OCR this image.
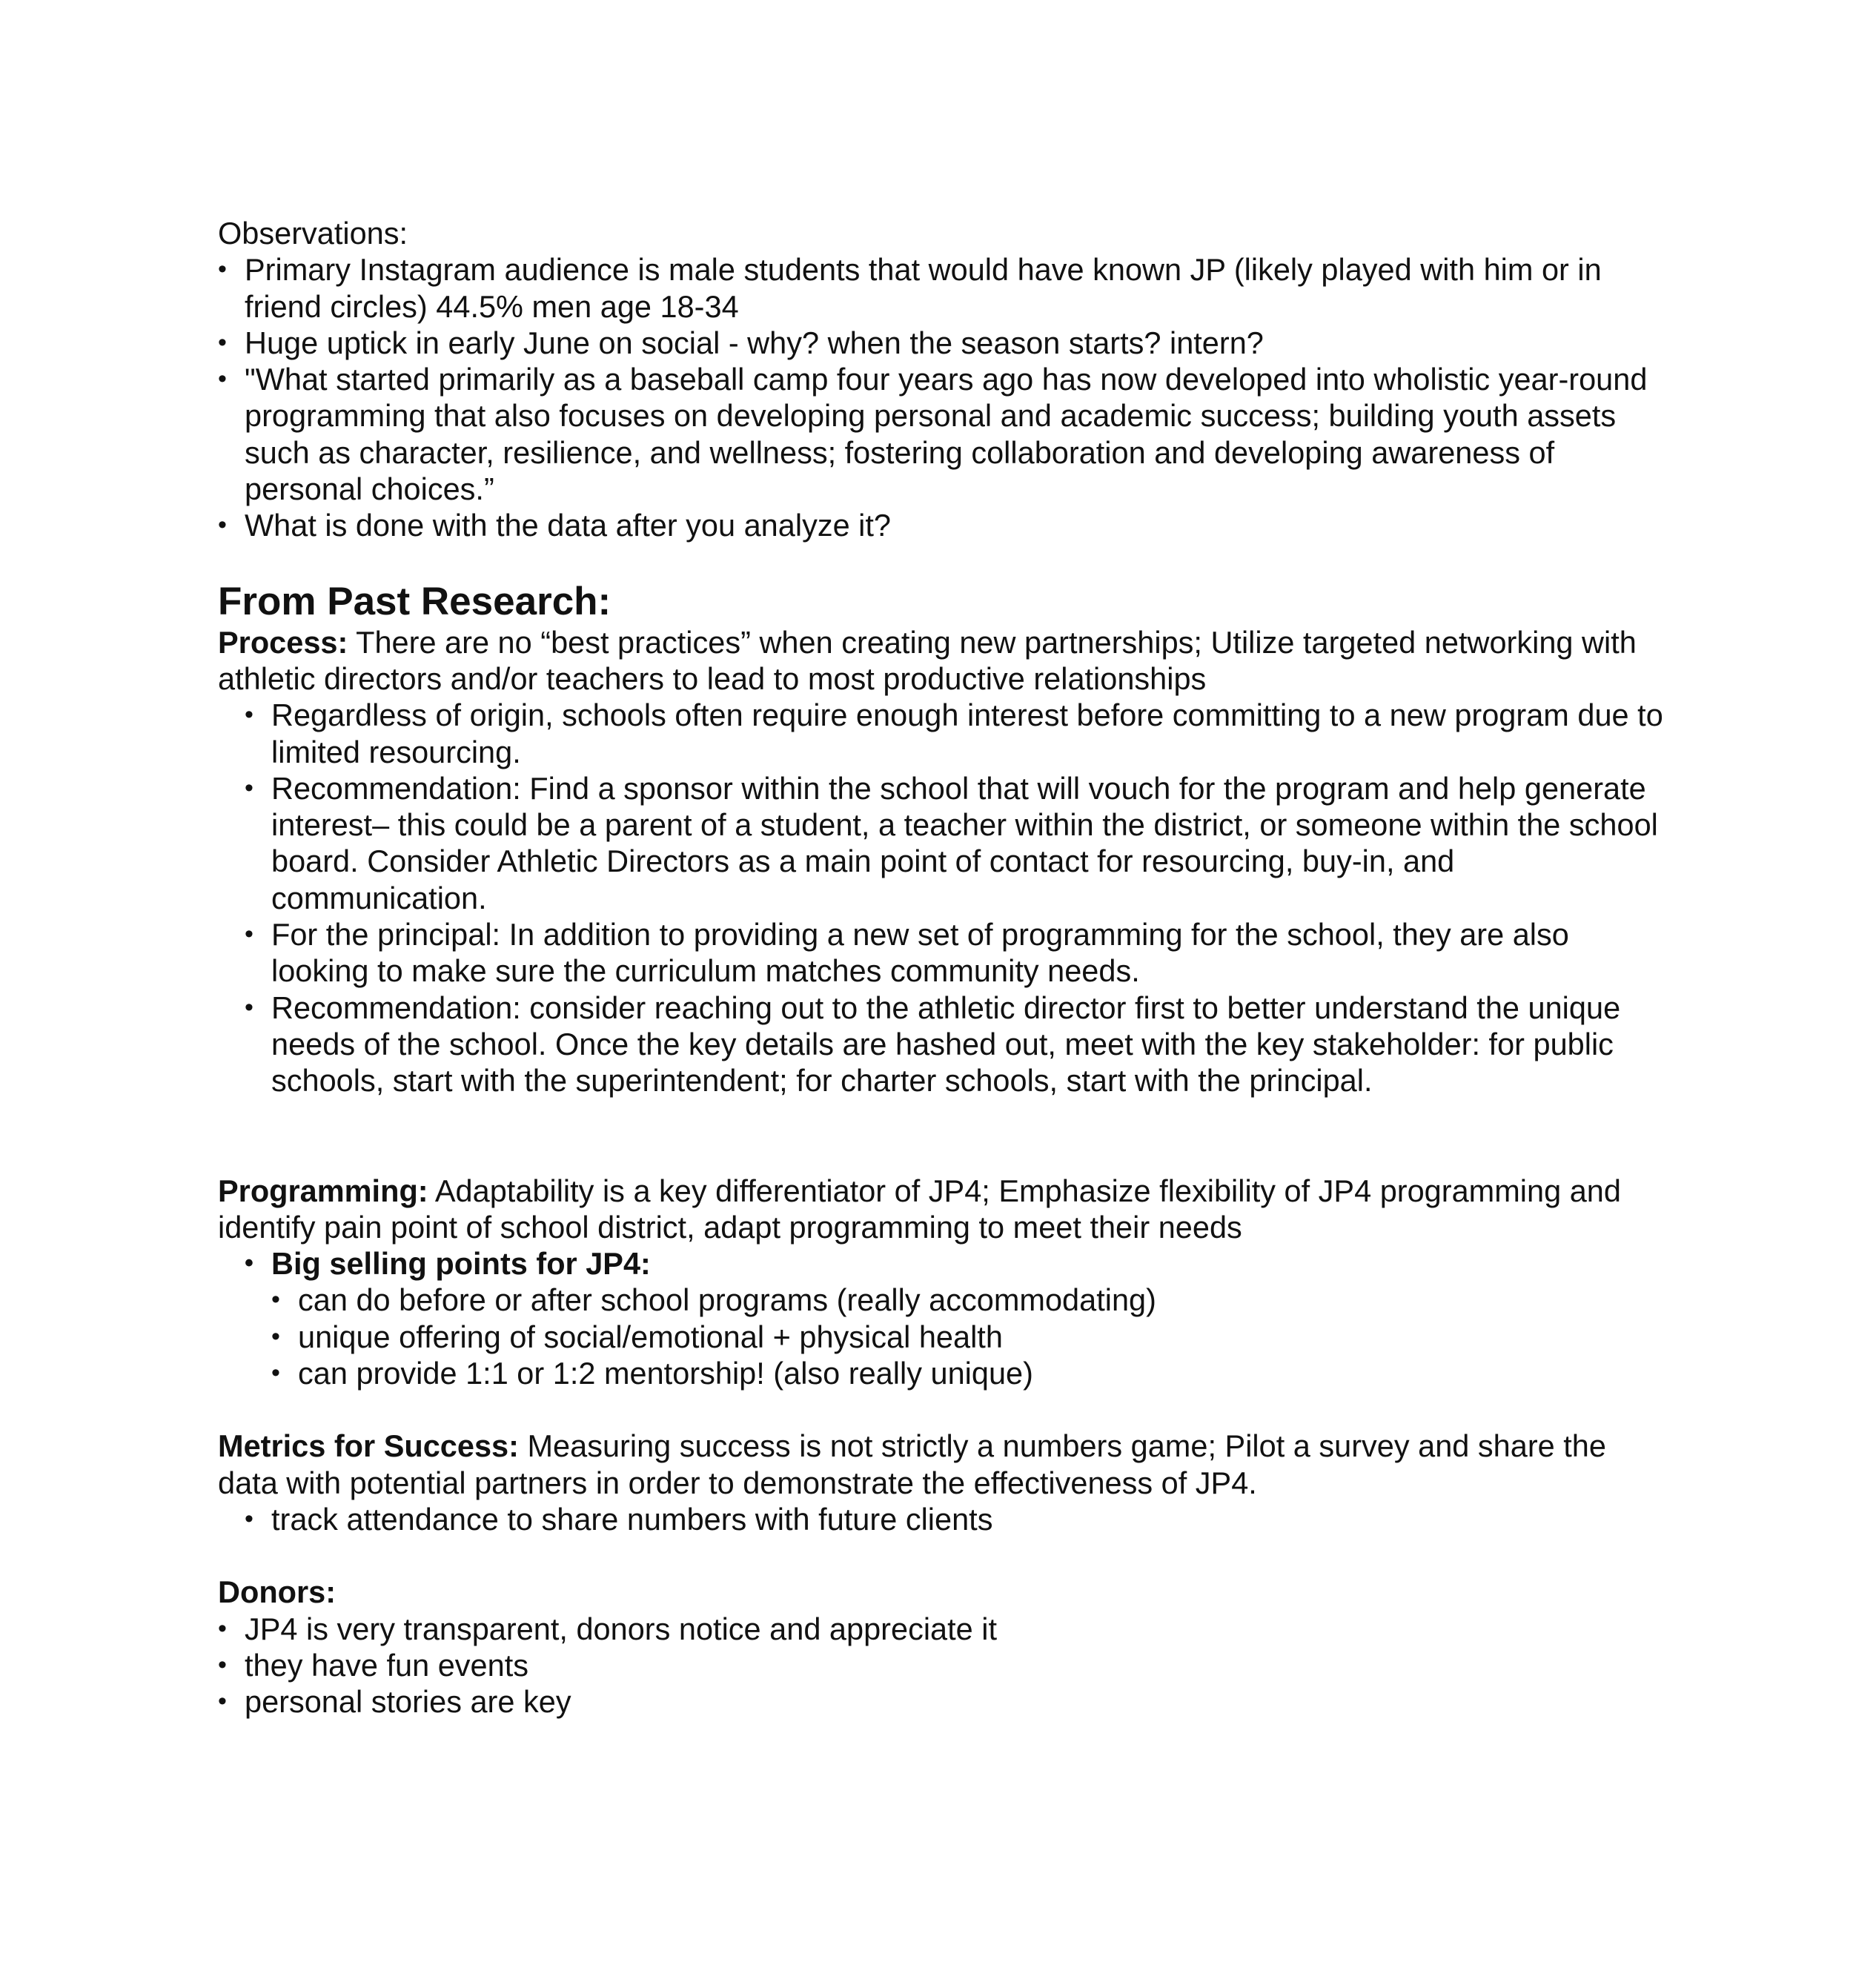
Observations:
• Primary Instagram audience is male students that would have known JP (likely played with him or in friend circles) 44.5% men age 18-34
• Huge uptick in early June on social - why? when the season starts? intern?
• "What started primarily as a baseball camp four years ago has now developed into wholistic year-round programming that also focuses on developing personal and academic success; building youth assets such as character, resilience, and wellness; fostering collaboration and developing awareness of personal choices.”
• What is done with the data after you analyze it?
From Past Research:
Process: There are no “best practices” when creating new partnerships; Utilize targeted networking with athletic directors and/or teachers to lead to most productive relationships
• Regardless of origin, schools often require enough interest before committing to a new program due to limited resourcing.
• Recommendation: Find a sponsor within the school that will vouch for the program and help generate interest– this could be a parent of a student, a teacher within the district, or someone within the school board. Consider Athletic Directors as a main point of contact for resourcing, buy-in, and communication.
• For the principal: In addition to providing a new set of programming for the school, they are also looking to make sure the curriculum matches community needs.
• Recommendation: consider reaching out to the athletic director first to better understand the unique needs of the school. Once the key details are hashed out, meet with the key stakeholder: for public schools, start with the superintendent; for charter schools, start with the principal.
Programming: Adaptability is a key differentiator of JP4; Emphasize flexibility of JP4 programming and identify pain point of school district, adapt programming to meet their needs
• Big selling points for JP4:
• can do before or after school programs (really accommodating)
• unique offering of social/emotional + physical health
• can provide 1:1 or 1:2 mentorship! (also really unique)
Metrics for Success: Measuring success is not strictly a numbers game; Pilot a survey and share the data with potential partners in order to demonstrate the effectiveness of JP4.
• track attendance to share numbers with future clients
Donors:
• JP4 is very transparent, donors notice and appreciate it
• they have fun events
• personal stories are key
